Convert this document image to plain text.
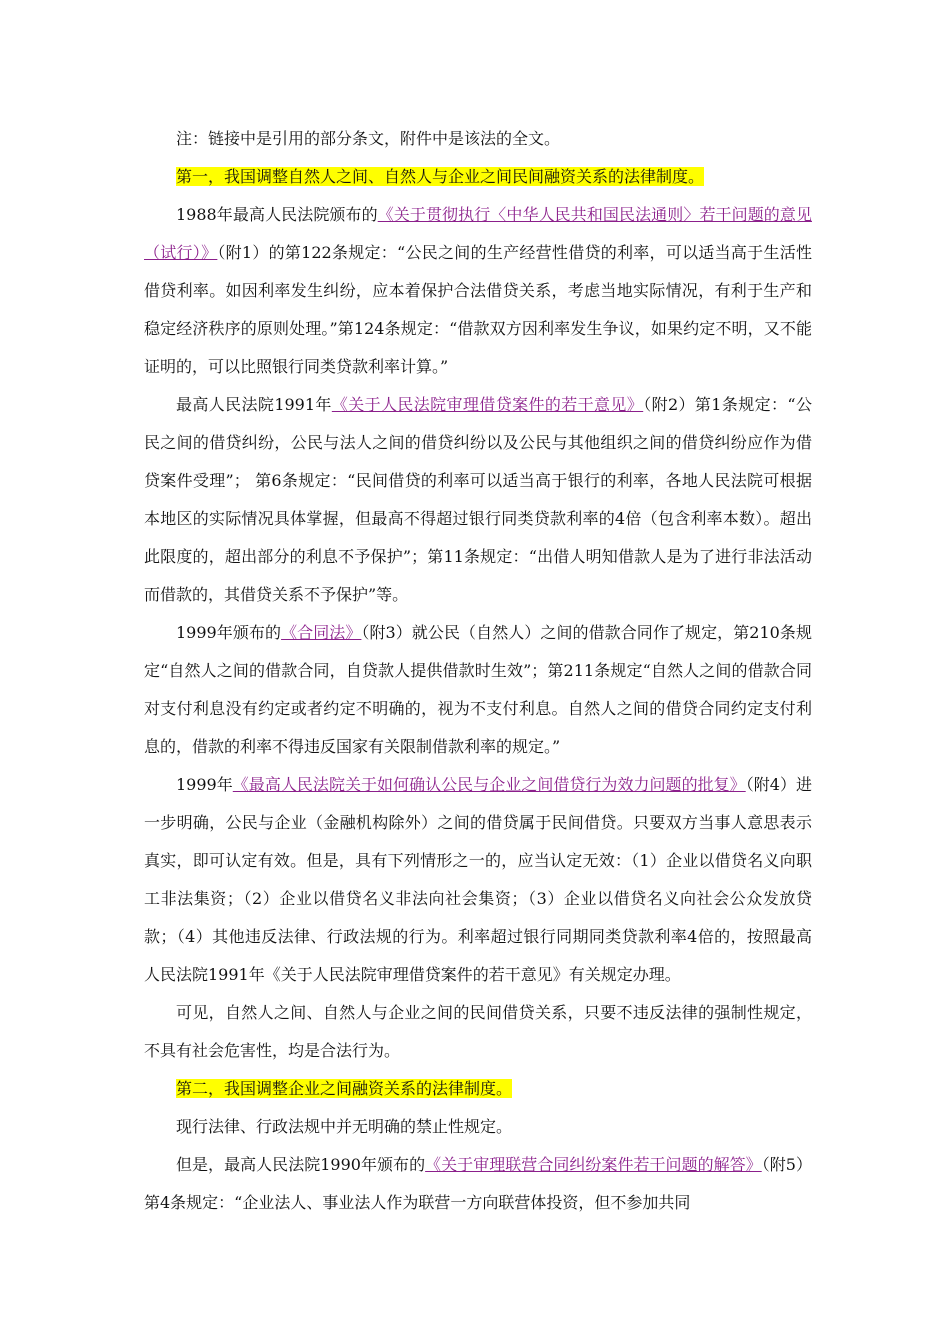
注：链接中是引用的部分条文，附件中是该法的全文。

第一，我国调整自然人之间、自然人与企业之间民间融资关系的法律制度。

1988年最高人民法院颁布的《关于贯彻执行〈中华人民共和国民法通则〉若干问题的意见（试行）》（附1）的第122条规定：“公民之间的生产经营性借贷的利率，可以适当高于生活性借贷利率。如因利率发生纠纷，应本着保护合法借贷关系，考虑当地实际情况，有利于生产和稳定经济秩序的原则处理。”第124条规定：“借款双方因利率发生争议，如果约定不明，又不能证明的，可以比照银行同类贷款利率计算。”

最高人民法院1991年《关于人民法院审理借贷案件的若干意见》（附2）第1条规定：“公民之间的借贷纠纷，公民与法人之间的借贷纠纷以及公民与其他组织之间的借贷纠纷应作为借贷案件受理”； 第6条规定：“民间借贷的利率可以适当高于银行的利率，各地人民法院可根据本地区的实际情况具体掌握，但最高不得超过银行同类贷款利率的4倍（包含利率本数）。超出此限度的，超出部分的利息不予保护”；第11条规定：“出借人明知借款人是为了进行非法活动而借款的，其借贷关系不予保护”等。

1999年颁布的《合同法》（附3）就公民（自然人）之间的借款合同作了规定，第210条规定“自然人之间的借款合同，自贷款人提供借款时生效”；第211条规定“自然人之间的借款合同对支付利息没有约定或者约定不明确的，视为不支付利息。自然人之间的借贷合同约定支付利息的，借款的利率不得违反国家有关限制借款利率的规定。”

1999年《最高人民法院关于如何确认公民与企业之间借贷行为效力问题的批复》（附4）进一步明确，公民与企业（金融机构除外）之间的借贷属于民间借贷。只要双方当事人意思表示真实，即可认定有效。但是，具有下列情形之一的，应当认定无效：（1）企业以借贷名义向职工非法集资；（2）企业以借贷名义非法向社会集资；（3）企业以借贷名义向社会公众发放贷款；（4）其他违反法律、行政法规的行为。利率超过银行同期同类贷款利率4倍的，按照最高人民法院1991年《关于人民法院审理借贷案件的若干意见》有关规定办理。

可见，自然人之间、自然人与企业之间的民间借贷关系，只要不违反法律的强制性规定，不具有社会危害性，均是合法行为。

第二，我国调整企业之间融资关系的法律制度。

现行法律、行政法规中并无明确的禁止性规定。

但是，最高人民法院1990年颁布的《关于审理联营合同纠纷案件若干问题的解答》（附5）第4条规定：“企业法人、事业法人作为联营一方向联营体投资，但不参加共同
